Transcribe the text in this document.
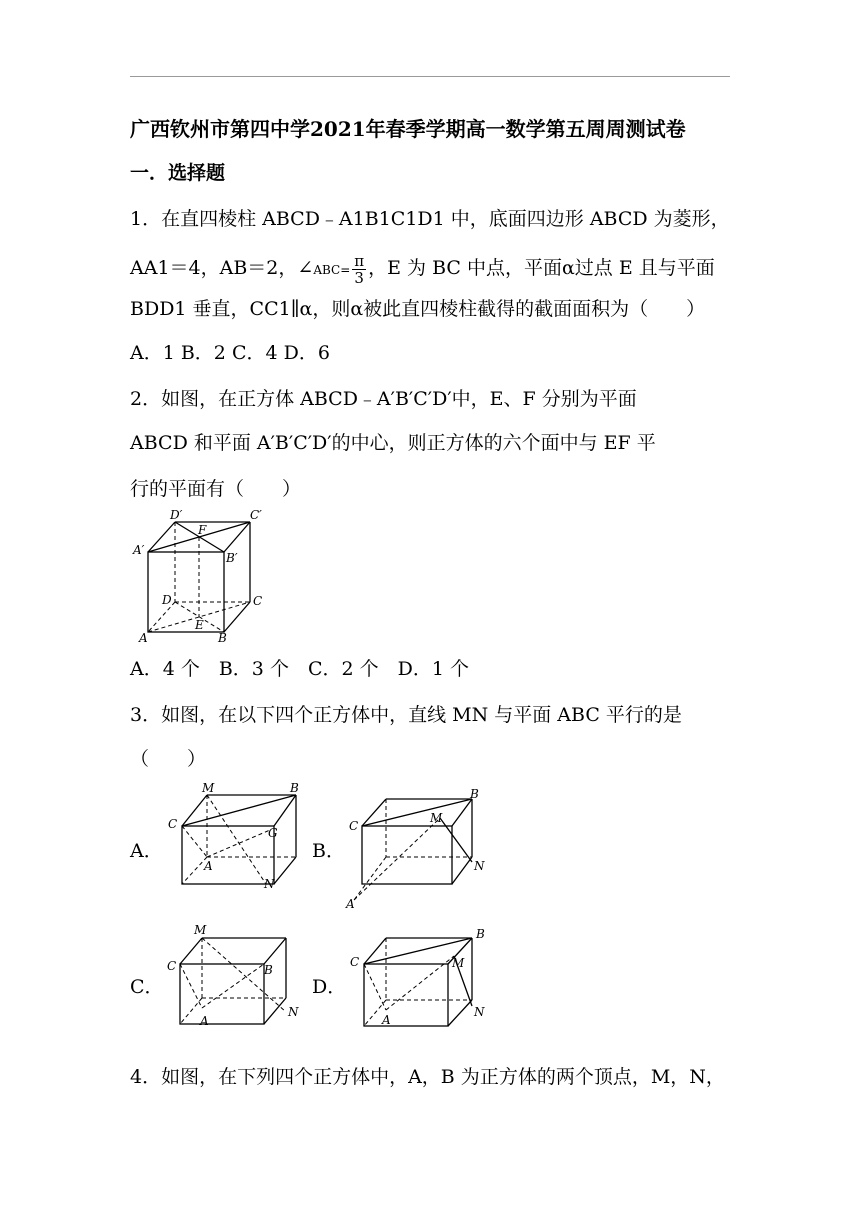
广西钦州市第四中学2021年春季学期高一数学第五周周测试卷
一．选择题
1．在直四棱柱 ABCD﹣A1B1C1D1 中，底面四边形 ABCD 为菱形，
AA1＝4，AB＝2，∠ABC= $\frac{\pi}{3}$ ，E 为 BC 中点，平面α过点 E 且与平面
BDD1 垂直，CC1∥α，则α被此直四棱柱截得的截面面积为（　　）
A．1 B．2 C．4 D．6
2．如图，在正方体 ABCD﹣A′B′C′D′中，E、F 分别为平面
ABCD 和平面 A′B′C′D′的中心，则正方体的六个面中与 EF 平
行的平面有（　　）
D′
F
C′
A′
B′
D	C
A
E
B
A．4 个　B．3 个　C．2 个　D．1 个
3．如图，在以下四个正方体中，直线 MN 与平面 ABC 平行的是
（　　）
A．
M	B
C
G
A
N
B．
B
C
M
N
A
C．
M
C	B
A
N
D．
B
C	M
A
N
4．如图，在下列四个正方体中，A，B 为正方体的两个顶点，M，N，
